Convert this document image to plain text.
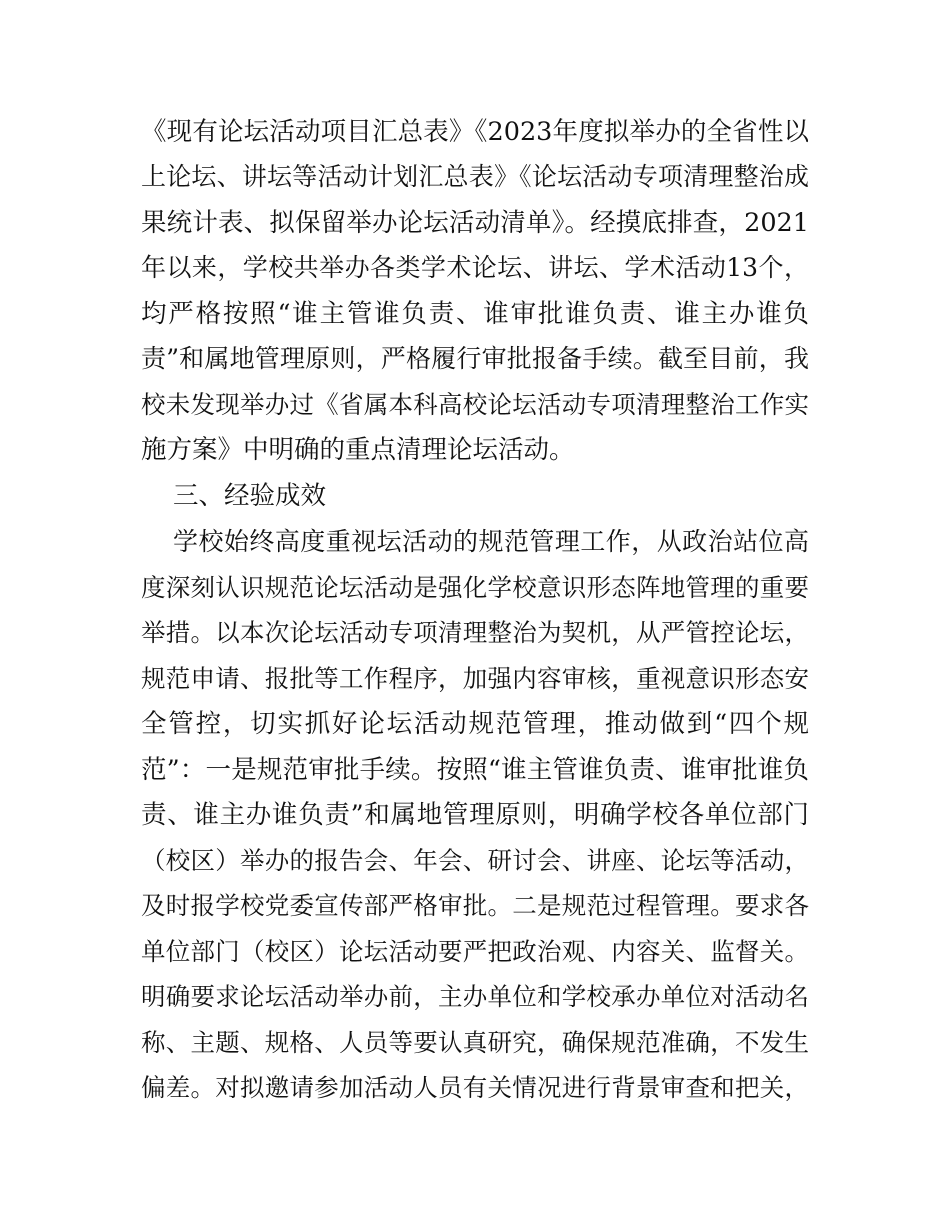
《现有论坛活动项目汇总表》《2023年度拟举办的全省性以
上论坛、讲坛等活动计划汇总表》《论坛活动专项清理整治成
果统计表、拟保留举办论坛活动清单》。经摸底排查，2021
年以来，学校共举办各类学术论坛、讲坛、学术活动13个，
均严格按照“谁主管谁负责、谁审批谁负责、谁主办谁负
责”和属地管理原则，严格履行审批报备手续。截至目前，我
校未发现举办过《省属本科高校论坛活动专项清理整治工作实
施方案》中明确的重点清理论坛活动。
三、经验成效
学校始终高度重视坛活动的规范管理工作，从政治站位高
度深刻认识规范论坛活动是强化学校意识形态阵地管理的重要
举措。以本次论坛活动专项清理整治为契机，从严管控论坛，
规范申请、报批等工作程序，加强内容审核，重视意识形态安
全管控，切实抓好论坛活动规范管理，推动做到“四个规
范”：一是规范审批手续。按照“谁主管谁负责、谁审批谁负
责、谁主办谁负责”和属地管理原则，明确学校各单位部门
（校区）举办的报告会、年会、研讨会、讲座、论坛等活动，
及时报学校党委宣传部严格审批。二是规范过程管理。要求各
单位部门（校区）论坛活动要严把政治观、内容关、监督关。
明确要求论坛活动举办前，主办单位和学校承办单位对活动名
称、主题、规格、人员等要认真研究，确保规范准确，不发生
偏差。对拟邀请参加活动人员有关情况进行背景审查和把关，
